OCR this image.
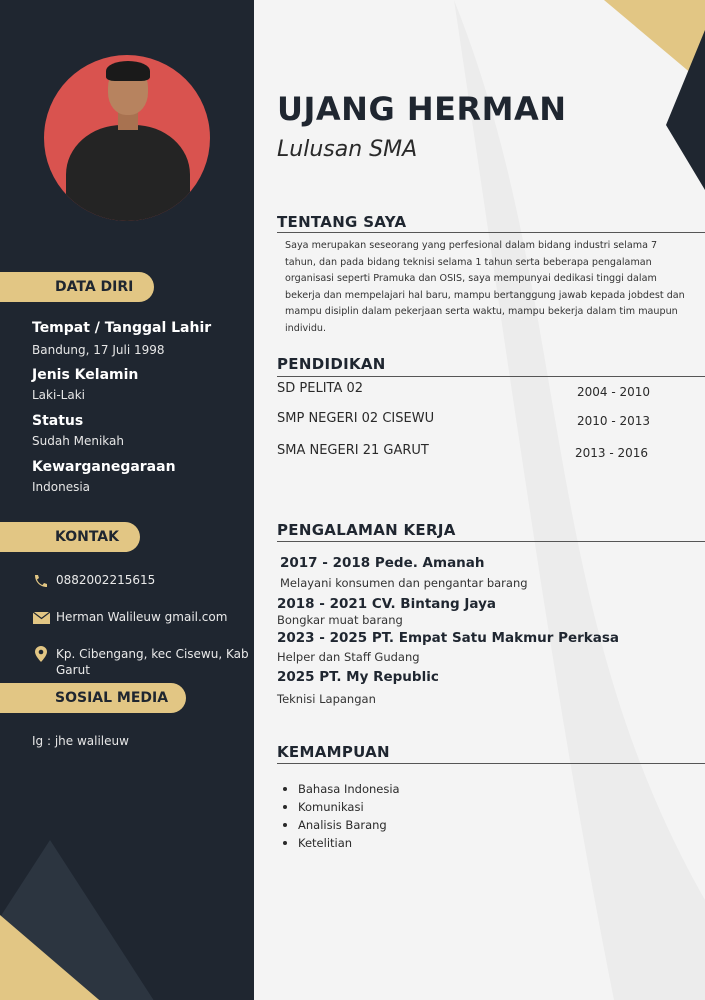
DATA DIRI
Tempat / Tanggal Lahir
Bandung, 17 Juli 1998
Jenis Kelamin
Laki-Laki
Status
Sudah Menikah
Kewarganegaraan
Indonesia
KONTAK
0882002215615
Herman Walileuw gmail.com
Kp. Cibengang, kec Cisewu, Kab Garut
SOSIAL MEDIA
Ig : jhe walileuw
UJANG HERMAN
Lulusan SMA
TENTANG SAYA
Saya merupakan seseorang yang perfesional dalam bidang industri selama 7 tahun, dan pada bidang teknisi selama 1 tahun serta beberapa pengalaman organisasi seperti Pramuka dan OSIS, saya mempunyai dedikasi tinggi dalam bekerja dan mempelajari hal baru, mampu bertanggung jawab kepada jobdest dan mampu disiplin dalam pekerjaan serta waktu, mampu bekerja dalam tim maupun individu.
PENDIDIKAN
SD PELITA 02	2004 - 2010
SMP NEGERI 02 CISEWU	2010 - 2013
SMA NEGERI 21 GARUT	2013 - 2016
PENGALAMAN KERJA
2017 - 2018 Pede. Amanah
Melayani konsumen dan pengantar barang
2018 - 2021 CV. Bintang Jaya
Bongkar muat barang
2023 - 2025 PT. Empat Satu Makmur Perkasa
Helper dan Staff Gudang
2025 PT. My Republic
Teknisi Lapangan
KEMAMPUAN
Bahasa Indonesia
Komunikasi
Analisis Barang
Ketelitian
